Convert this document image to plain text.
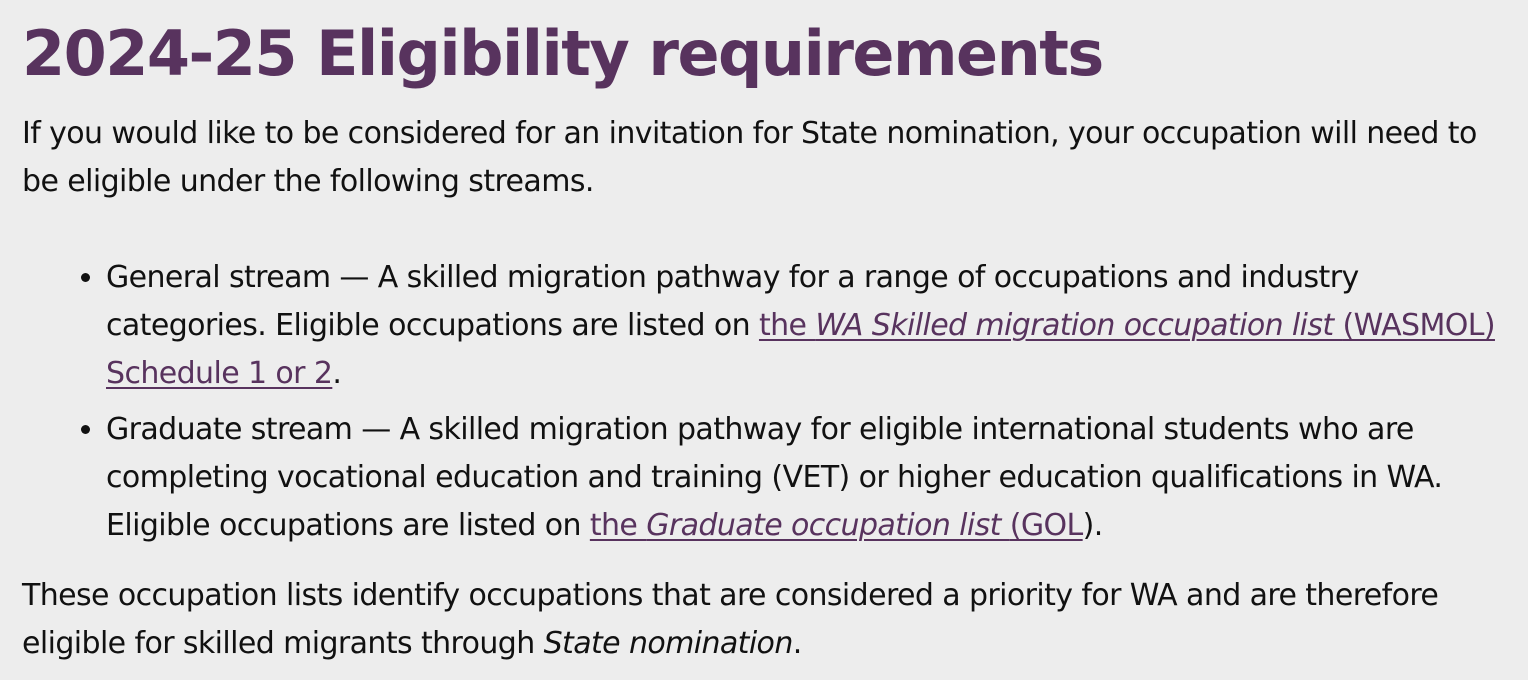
2024-25 Eligibility requirements

If you would like to be considered for an invitation for State nomination, your occupation will need to be eligible under the following streams.

• General stream — A skilled migration pathway for a range of occupations and industry categories. Eligible occupations are listed on the WA Skilled migration occupation list (WASMOL) Schedule 1 or 2.
• Graduate stream — A skilled migration pathway for eligible international students who are completing vocational education and training (VET) or higher education qualifications in WA. Eligible occupations are listed on the Graduate occupation list (GOL).

These occupation lists identify occupations that are considered a priority for WA and are therefore eligible for skilled migrants through State nomination.
